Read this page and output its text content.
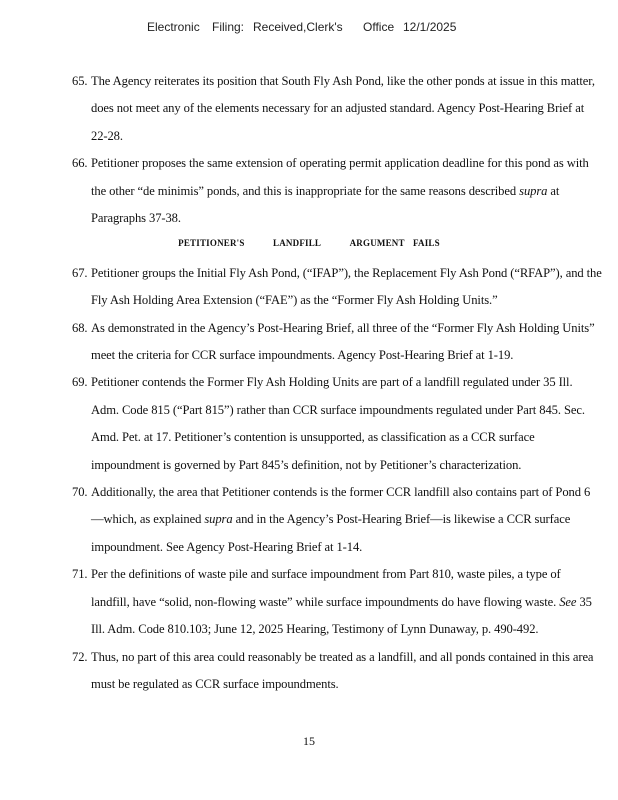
Electronic Filing: Received,Clerk's Office 12/1/2025
65. The Agency reiterates its position that South Fly Ash Pond, like the other ponds at issue in this matter, does not meet any of the elements necessary for an adjusted standard. Agency Post-Hearing Brief at 22-28.
66. Petitioner proposes the same extension of operating permit application deadline for this pond as with the other “de minimis” ponds, and this is inappropriate for the same reasons described supra at Paragraphs 37-38.
67. Petitioner groups the Initial Fly Ash Pond, (“IFAP”), the Replacement Fly Ash Pond (“RFAP”), and the Fly Ash Holding Area Extension (“FAE”) as the “Former Fly Ash Holding Units.”
68. As demonstrated in the Agency’s Post-Hearing Brief, all three of the “Former Fly Ash Holding Units” meet the criteria for CCR surface impoundments. Agency Post-Hearing Brief at 1-19.
69. Petitioner contends the Former Fly Ash Holding Units are part of a landfill regulated under 35 Ill. Adm. Code 815 (“Part 815”) rather than CCR surface impoundments regulated under Part 845. Sec. Amd. Pet. at 17. Petitioner’s contention is unsupported, as classification as a CCR surface impoundment is governed by Part 845’s definition, not by Petitioner’s characterization.
70. Additionally, the area that Petitioner contends is the former CCR landfill also contains part of Pond 6—which, as explained supra and in the Agency’s Post-Hearing Brief—is likewise a CCR surface impoundment. See Agency Post-Hearing Brief at 1-14.
71. Per the definitions of waste pile and surface impoundment from Part 810, waste piles, a type of landfill, have “solid, non-flowing waste” while surface impoundments do have flowing waste. See 35 Ill. Adm. Code 810.103; June 12, 2025 Hearing, Testimony of Lynn Dunaway, p. 490-492.
72. Thus, no part of this area could reasonably be treated as a landfill, and all ponds contained in this area must be regulated as CCR surface impoundments.
PETITIONER'S	LANDFILL	ARGUMENT FAILS
15
